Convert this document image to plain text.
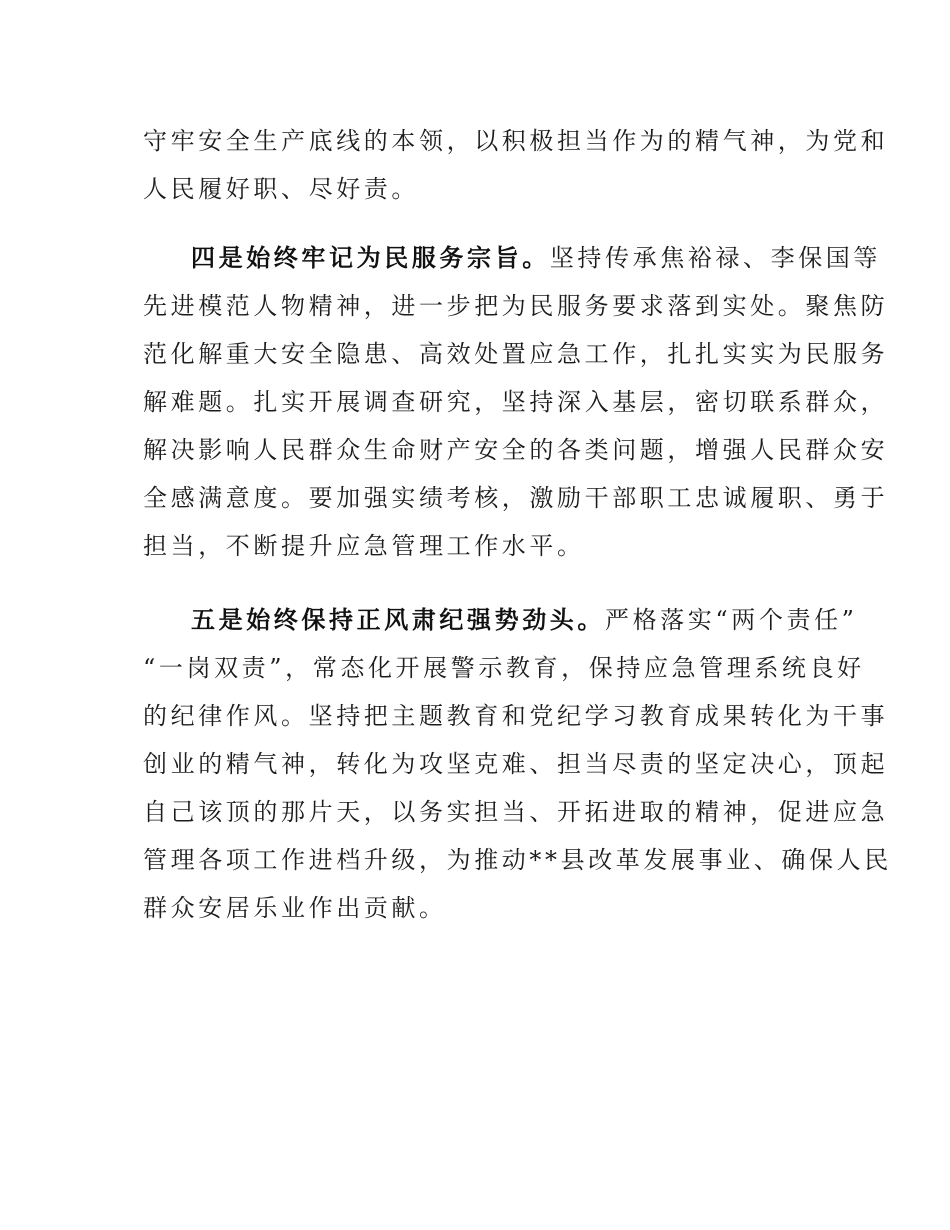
守牢安全生产底线的本领，以积极担当作为的精气神，为党和
人民履好职、尽好责。
四是始终牢记为民服务宗旨。坚持传承焦裕禄、李保国等
先进模范人物精神，进一步把为民服务要求落到实处。聚焦防
范化解重大安全隐患、高效处置应急工作，扎扎实实为民服务
解难题。扎实开展调查研究，坚持深入基层，密切联系群众，
解决影响人民群众生命财产安全的各类问题，增强人民群众安
全感满意度。要加强实绩考核，激励干部职工忠诚履职、勇于
担当，不断提升应急管理工作水平。
五是始终保持正风肃纪强势劲头。严格落实“两个责任”
“一岗双责”，常态化开展警示教育，保持应急管理系统良好
的纪律作风。坚持把主题教育和党纪学习教育成果转化为干事
创业的精气神，转化为攻坚克难、担当尽责的坚定决心，顶起
自己该顶的那片天，以务实担当、开拓进取的精神，促进应急
管理各项工作进档升级，为推动**县改革发展事业、确保人民
群众安居乐业作出贡献。
